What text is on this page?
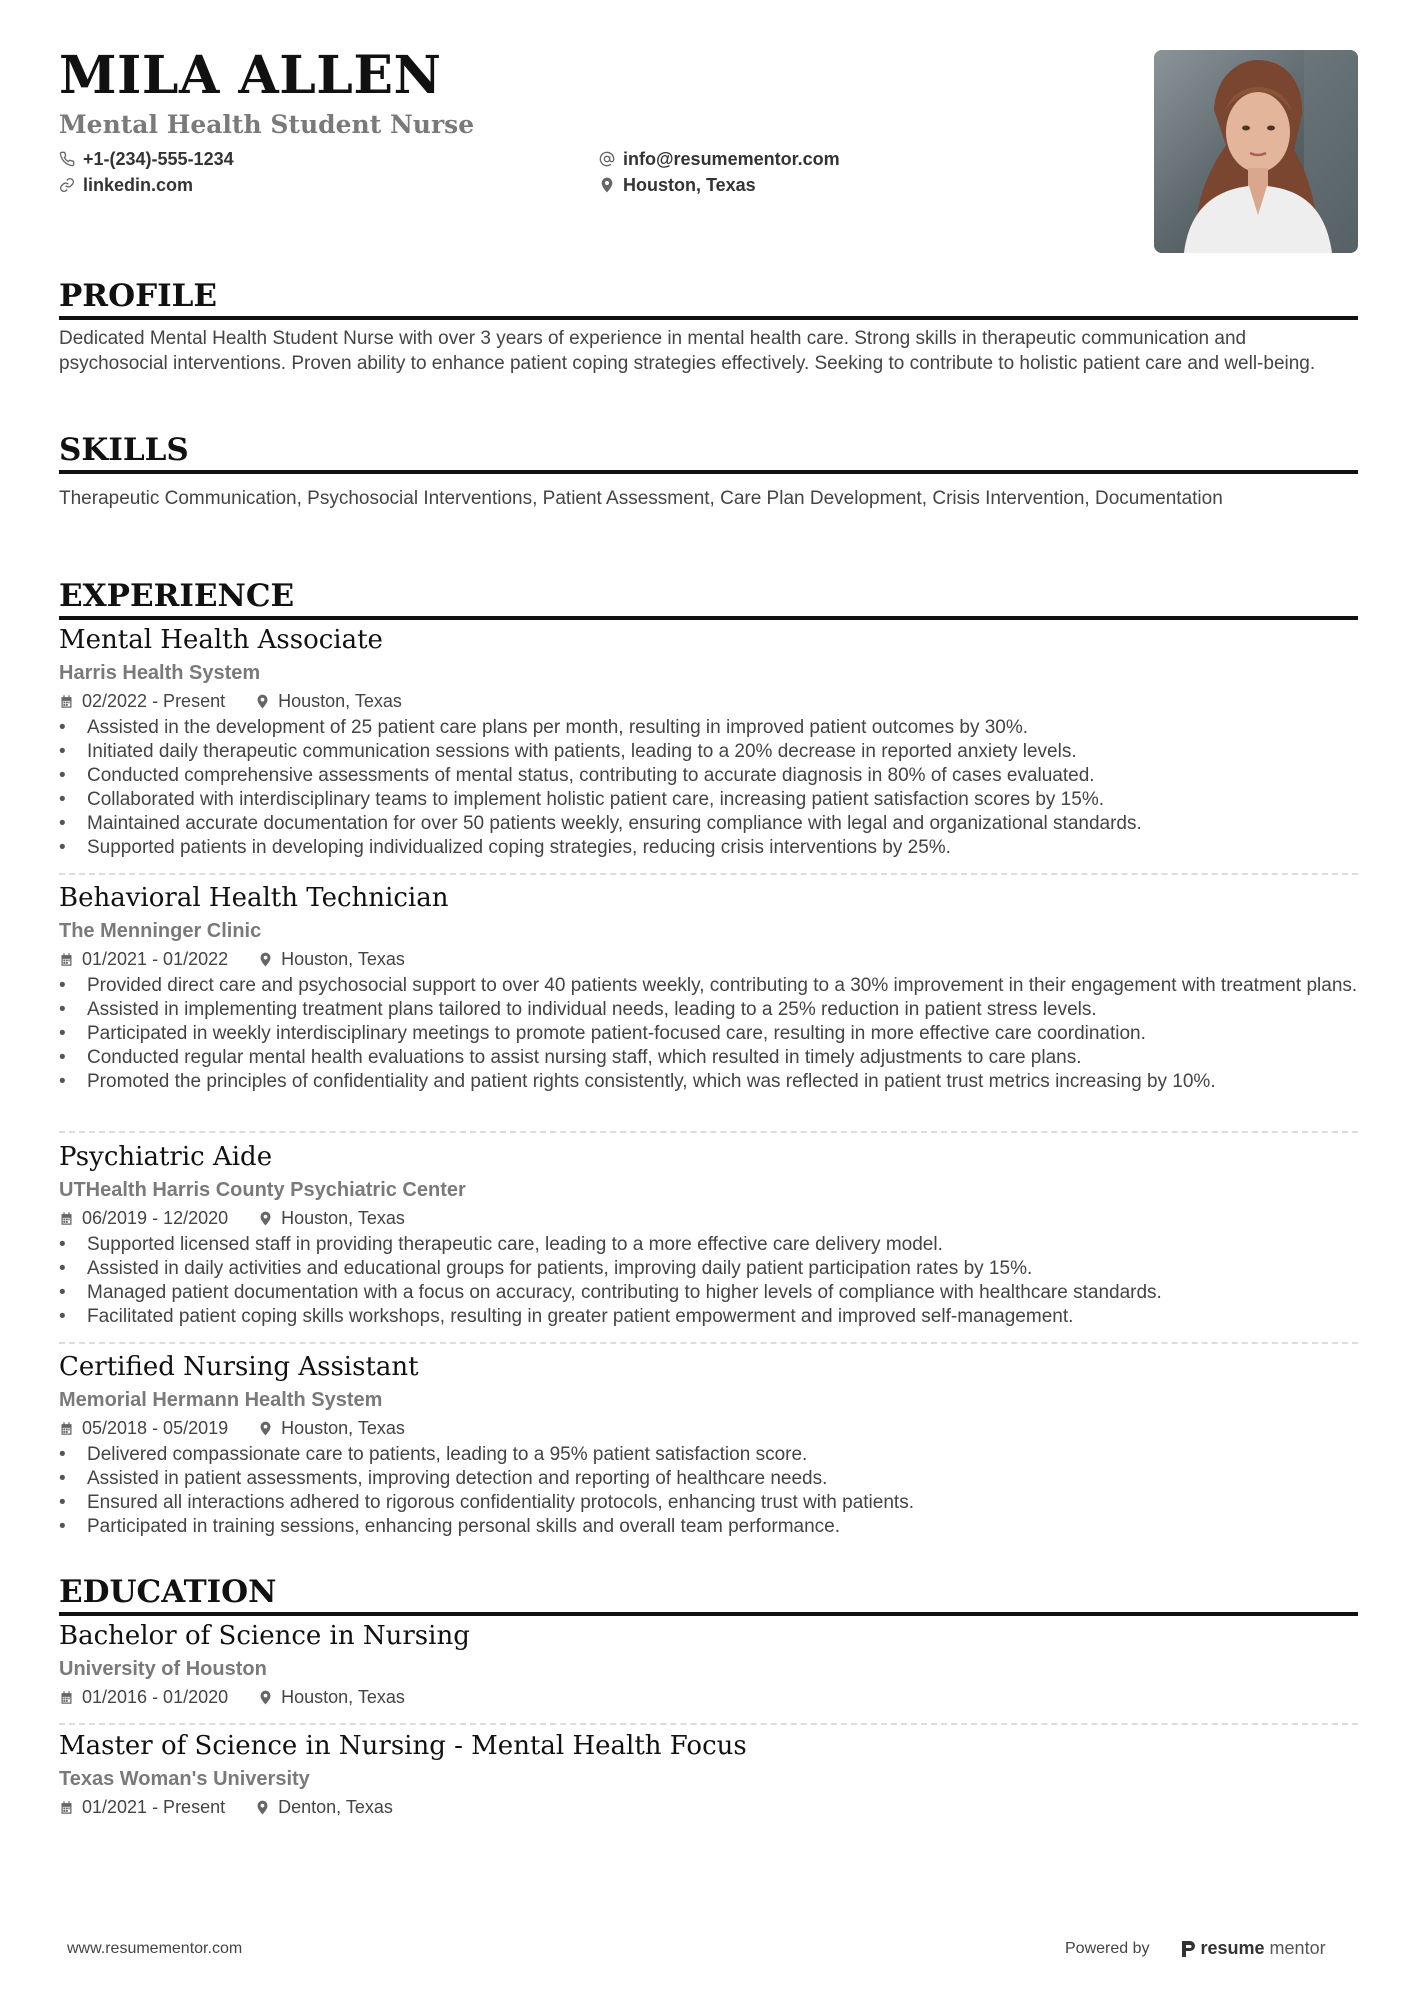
MILA ALLEN
Mental Health Student Nurse
+1-(234)-555-1234
linkedin.com
info@resumementor.com
Houston, Texas
PROFILE
Dedicated Mental Health Student Nurse with over 3 years of experience in mental health care. Strong skills in therapeutic communication and psychosocial interventions. Proven ability to enhance patient coping strategies effectively. Seeking to contribute to holistic patient care and well-being.
SKILLS
Therapeutic Communication, Psychosocial Interventions, Patient Assessment, Care Plan Development, Crisis Intervention, Documentation
EXPERIENCE
Mental Health Associate
Harris Health System
02/2022 - Present	Houston, Texas
• Assisted in the development of 25 patient care plans per month, resulting in improved patient outcomes by 30%.
• Initiated daily therapeutic communication sessions with patients, leading to a 20% decrease in reported anxiety levels.
• Conducted comprehensive assessments of mental status, contributing to accurate diagnosis in 80% of cases evaluated.
• Collaborated with interdisciplinary teams to implement holistic patient care, increasing patient satisfaction scores by 15%.
• Maintained accurate documentation for over 50 patients weekly, ensuring compliance with legal and organizational standards.
• Supported patients in developing individualized coping strategies, reducing crisis interventions by 25%.
Behavioral Health Technician
The Menninger Clinic
01/2021 - 01/2022	Houston, Texas
• Provided direct care and psychosocial support to over 40 patients weekly, contributing to a 30% improvement in their engagement with treatment plans.
• Assisted in implementing treatment plans tailored to individual needs, leading to a 25% reduction in patient stress levels.
• Participated in weekly interdisciplinary meetings to promote patient-focused care, resulting in more effective care coordination.
• Conducted regular mental health evaluations to assist nursing staff, which resulted in timely adjustments to care plans.
• Promoted the principles of confidentiality and patient rights consistently, which was reflected in patient trust metrics increasing by 10%.
Psychiatric Aide
UTHealth Harris County Psychiatric Center
06/2019 - 12/2020	Houston, Texas
• Supported licensed staff in providing therapeutic care, leading to a more effective care delivery model.
• Assisted in daily activities and educational groups for patients, improving daily patient participation rates by 15%.
• Managed patient documentation with a focus on accuracy, contributing to higher levels of compliance with healthcare standards.
• Facilitated patient coping skills workshops, resulting in greater patient empowerment and improved self-management.
Certified Nursing Assistant
Memorial Hermann Health System
05/2018 - 05/2019	Houston, Texas
• Delivered compassionate care to patients, leading to a 95% patient satisfaction score.
• Assisted in patient assessments, improving detection and reporting of healthcare needs.
• Ensured all interactions adhered to rigorous confidentiality protocols, enhancing trust with patients.
• Participated in training sessions, enhancing personal skills and overall team performance.
EDUCATION
Bachelor of Science in Nursing
University of Houston
01/2016 - 01/2020	Houston, Texas
Master of Science in Nursing - Mental Health Focus
Texas Woman's University
01/2021 - Present	Denton, Texas
www.resumementor.com	Powered by	resume mentor
